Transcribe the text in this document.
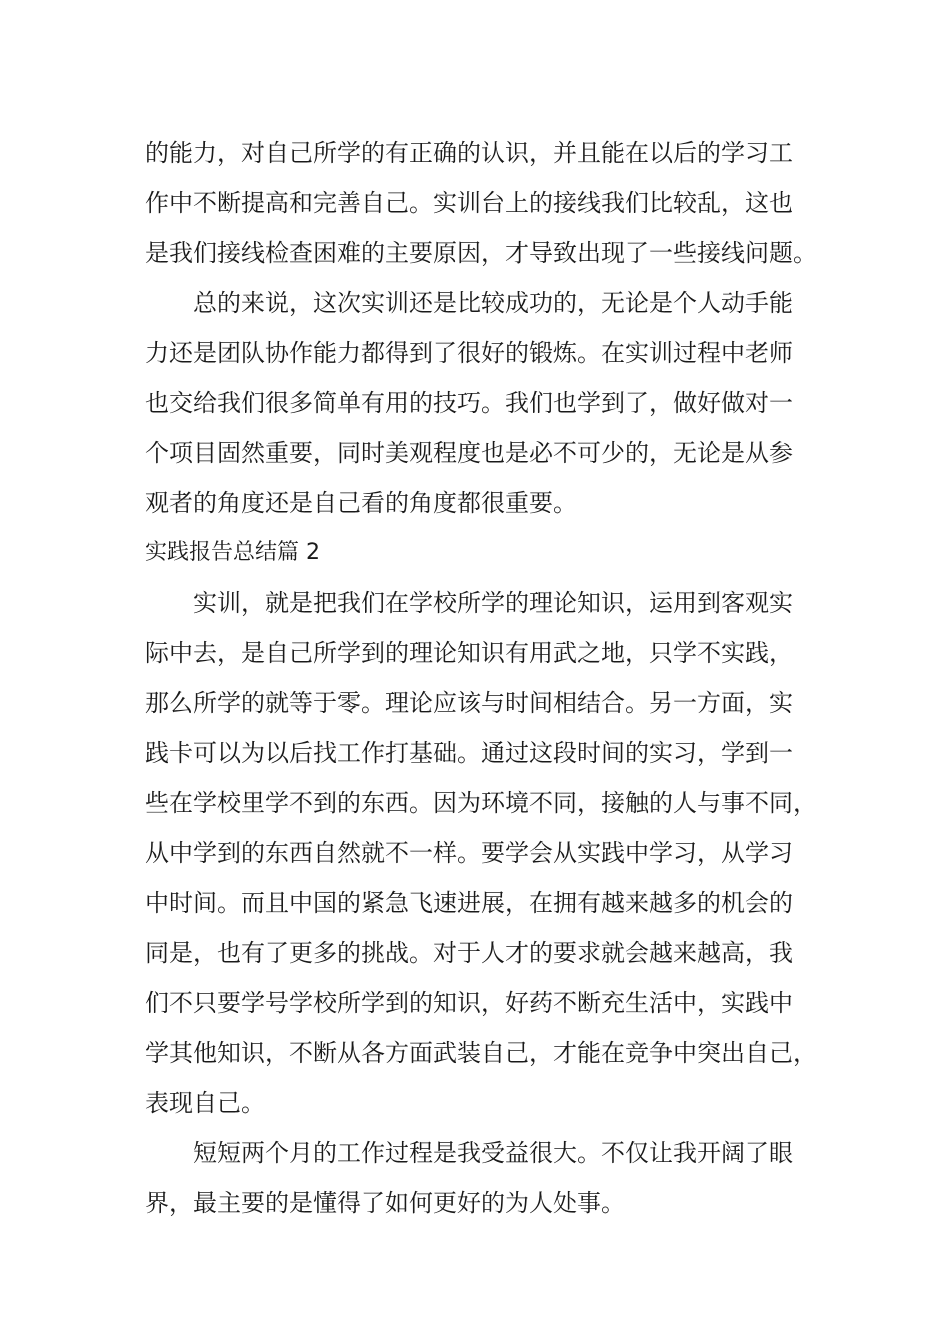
的能力，对自己所学的有正确的认识，并且能在以后的学习工
作中不断提高和完善自己。实训台上的接线我们比较乱，这也
是我们接线检查困难的主要原因，才导致出现了一些接线问题。
总的来说，这次实训还是比较成功的，无论是个人动手能
力还是团队协作能力都得到了很好的锻炼。在实训过程中老师
也交给我们很多简单有用的技巧。我们也学到了，做好做对一
个项目固然重要，同时美观程度也是必不可少的，无论是从参
观者的角度还是自己看的角度都很重要。
实践报告总结篇 2
实训，就是把我们在学校所学的理论知识，运用到客观实
际中去，是自己所学到的理论知识有用武之地，只学不实践，
那么所学的就等于零。理论应该与时间相结合。另一方面，实
践卡可以为以后找工作打基础。通过这段时间的实习，学到一
些在学校里学不到的东西。因为环境不同，接触的人与事不同，
从中学到的东西自然就不一样。要学会从实践中学习，从学习
中时间。而且中国的紧急飞速进展，在拥有越来越多的机会的
同是，也有了更多的挑战。对于人才的要求就会越来越高，我
们不只要学号学校所学到的知识，好药不断充生活中，实践中
学其他知识，不断从各方面武装自己，才能在竞争中突出自己，
表现自己。
短短两个月的工作过程是我受益很大。不仅让我开阔了眼
界，最主要的是懂得了如何更好的为人处事。
